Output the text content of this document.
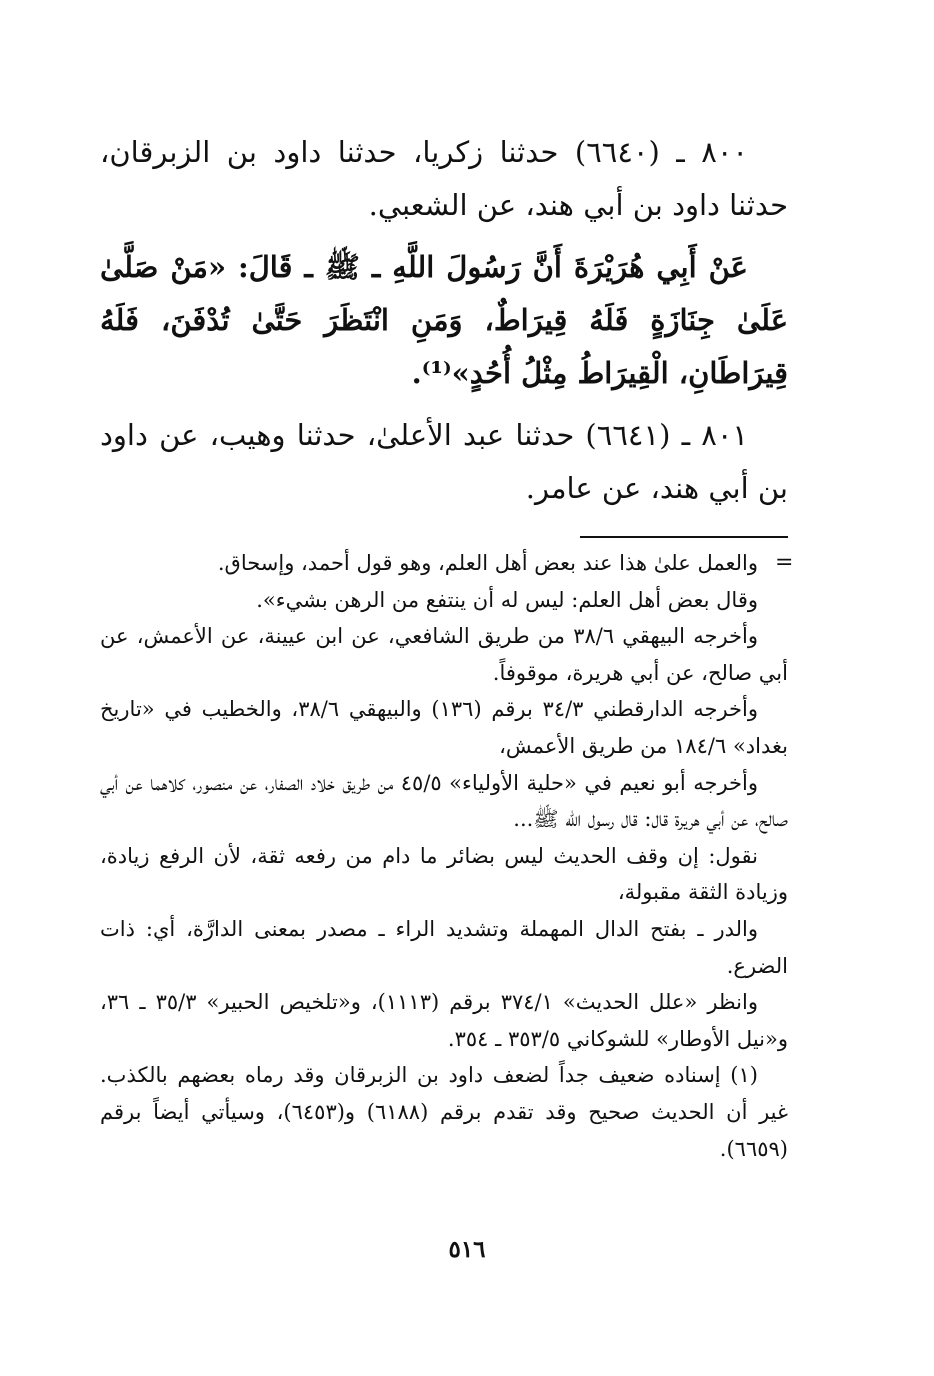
٨٠٠ ـ (٦٦٤٠) حدثنا زكريا، حدثنا داود بن الزبرقان، حدثنا داود بن أبي هند، عن الشعبي.

عَنْ أَبِي هُرَيْرَةَ أَنَّ رَسُولَ اللَّهِ ـ ﷺ ـ قَالَ: «مَنْ صَلَّىٰ عَلَىٰ جِنَازَةٍ فَلَهُ قِيرَاطٌ، وَمَنِ انْتَظَرَ حَتَّىٰ تُدْفَنَ، فَلَهُ قِيرَاطَانِ، الْقِيرَاطُ مِثْلُ أُحُدٍ»⁽¹⁾.

٨٠١ ـ (٦٦٤١) حدثنا عبد الأعلىٰ، حدثنا وهيب، عن داود بن أبي هند، عن عامر.

=

والعمل علىٰ هذا عند بعض أهل العلم، وهو قول أحمد، وإسحاق.

وقال بعض أهل العلم: ليس له أن ينتفع من الرهن بشيء».

وأخرجه البيهقي ٣٨/٦ من طريق الشافعي، عن ابن عيينة، عن الأعمش، عن أبي صالح، عن أبي هريرة، موقوفاً.

وأخرجه الدارقطني ٣٤/٣ برقم (١٣٦) والبيهقي ٣٨/٦، والخطيب في «تاريخ بغداد» ١٨٤/٦ من طريق الأعمش،

وأخرجه أبو نعيم في «حلية الأولياء» ٤٥/٥ من طريق خلاد الصفار، عن منصور، كلاهما عن أبي صالح، عن أبي هريرة قال: قال رسول الله ﷺ...

نقول: إن وقف الحديث ليس بضائر ما دام من رفعه ثقة، لأن الرفع زيادة، وزيادة الثقة مقبولة،

والدر ـ بفتح الدال المهملة وتشديد الراء ـ مصدر بمعنى الدارَّة، أي: ذات الضرع.

وانظر «علل الحديث» ٣٧٤/١ برقم (١١١٣)، و«تلخيص الحبير» ٣٥/٣ ـ ٣٦، و«نيل الأوطار» للشوكاني ٣٥٣/٥ ـ ٣٥٤.

(١) إسناده ضعيف جداً لضعف داود بن الزبرقان وقد رماه بعضهم بالكذب. غير أن الحديث صحيح وقد تقدم برقم (٦١٨٨) و(٦٤٥٣)، وسيأتي أيضاً برقم (٦٦٥٩).

٥١٦
